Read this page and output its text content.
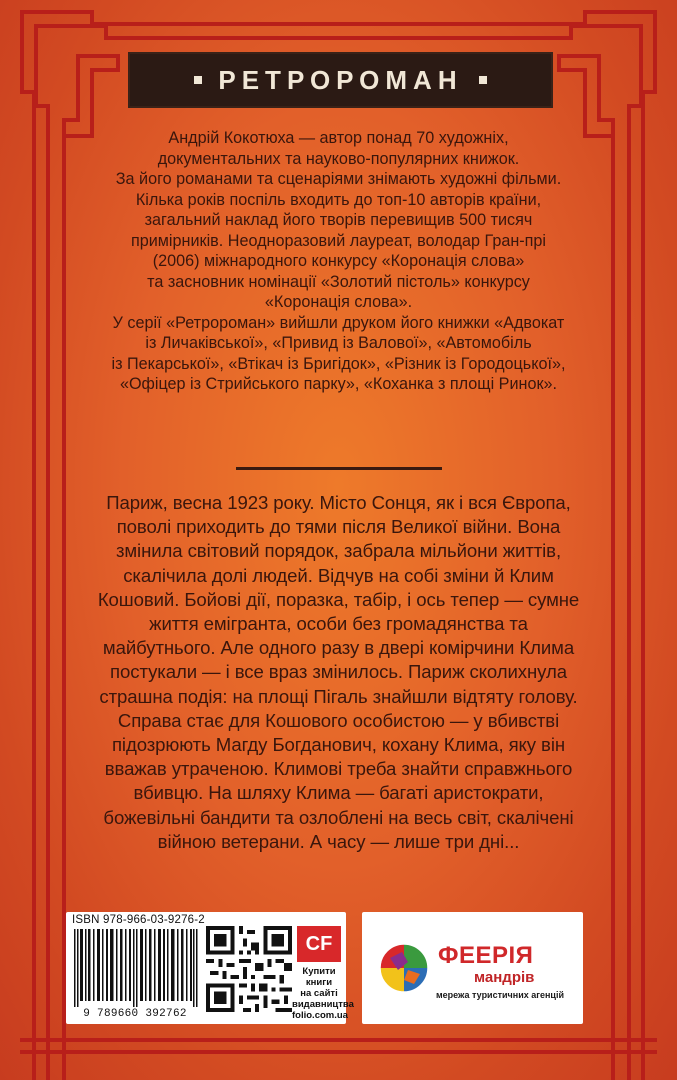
РЕТРОРОМАН

Андрій Кокотюха — автор понад 70 художніх,

документальних та науково-популярних книжок.

За його романами та сценаріями знімають художні фільми.

Кілька років поспіль входить до топ-10 авторів країни,

загальний наклад його творів перевищив 500 тисяч

примірників. Неодноразовий лауреат, володар Гран-прі

(2006) міжнародного конкурсу «Коронація слова»

та засновник номінації «Золотий пістоль» конкурсу

«Коронація слова».

У серії «Ретророман» вийшли друком його книжки «Адвокат

із Личаківської», «Привид із Валової», «Автомобіль

із Пекарської», «Втікач із Бригідок», «Різник із Городоцької»,

«Офіцер із Стрийського парку», «Коханка з площі Ринок».

Париж, весна 1923 року. Місто Сонця, як і вся Європа,

поволі приходить до тями після Великої війни. Вона

змінила світовий порядок, забрала мільйони життів,

скалічила долі людей. Відчув на собі зміни й Клим

Кошовий. Бойові дії, поразка, табір, і ось тепер — сумне

життя емігранта, особи без громадянства та

майбутнього. Але одного разу в двері комірчини Клима

постукали — і все враз змінилось. Париж сколихнула

страшна подія: на площі Пігаль знайшли відтяту голову.

Справа стає для Кошового особистою — у вбивстві

підозрюють Магду Богданович, кохану Клима, яку він

вважав утраченою. Климові треба знайти справжнього

вбивцю. На шляху Клима — багаті аристократи,

божевільні бандити та озлоблені на весь світ, скалічені

війною ветерани. А часу — лише три дні...

ISBN 978-966-03-9276-2
9 789660 392762
CF
Купити книги
на сайті
видавництва
folio.com.ua
ФЕЕРІЯ
мандрів
мережа туристичних агенцій
